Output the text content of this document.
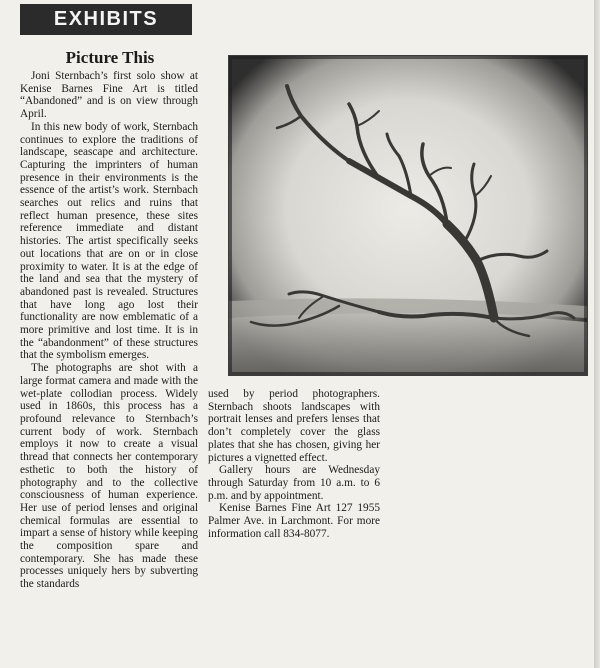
EXHIBITS
Picture This

Joni Sternbach’s first solo show at Kenise Barnes Fine Art is titled “Abandoned” and is on view through April.

In this new body of work, Sternbach continues to explore the traditions of landscape, seascape and architecture. Capturing the imprinters of human presence in their environments is the essence of the artist’s work. Sternbach searches out relics and ruins that reflect human presence, these sites reference immediate and distant histories. The artist specifically seeks out locations that are on or in close proximity to water. It is at the edge of the land and sea that the mystery of abandoned past is revealed. Structures that have long ago lost their functionality are now emblematic of a more primitive and lost time. It is in the “abandonment” of these structures that the symbolism emerges.

The photographs are shot with a large format camera and made with the wet-plate collodian process. Widely used in 1860s, this process has a profound relevance to Sternbach’s current body of work. Sternbach employs it now to create a visual thread that connects her contemporary esthetic to both the history of photography and to the collective consciousness of human experience. Her use of period lenses and original chemical formulas are essential to impart a sense of history while keeping the composition spare and contemporary. She has made these processes uniquely hers by subverting the standards

used by period photographers. Sternbach shoots landscapes with portrait lenses and prefers lenses that don’t completely cover the glass plates that she has chosen, giving her pictures a vignetted effect.

Gallery hours are Wednesday through Saturday from 10 a.m. to 6 p.m. and by appointment.

Kenise Barnes Fine Art 127 1955 Palmer Ave. in Larchmont. For more information call 834-8077.
